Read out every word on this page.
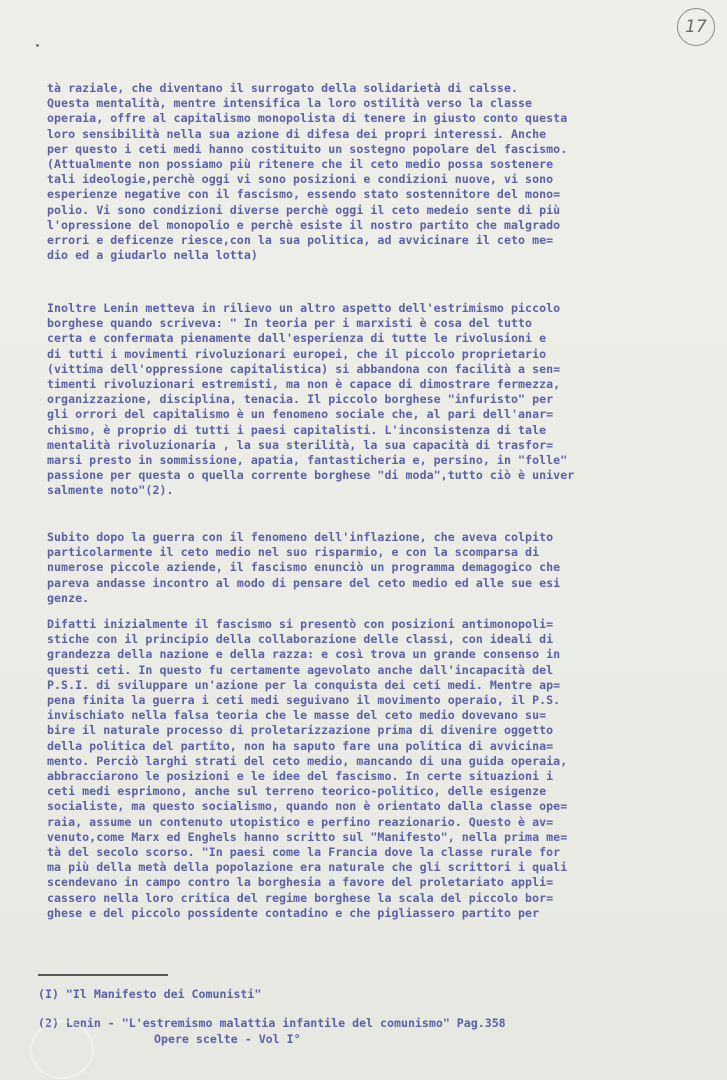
17
tà raziale, che diventano il surrogato della solidarietà di calsse.
Questa mentalità, mentre intensifica la loro ostilità verso la classe
operaia, offre al capitalismo monopolista di tenere in giusto conto questa
loro sensibilità nella sua azione di difesa dei propri interessi. Anche
per questo i ceti medi hanno costituito un sostegno popolare del fascismo.
(Attualmente non possiamo più ritenere che il ceto medio possa sostenere
tali ideologie,perchè oggi vi sono posizioni e condizioni nuove, vi sono
esperienze negative con il fascismo, essendo stato sostennitore del mono=
polio. Vi sono condizioni diverse perchè oggi il ceto medeio sente di più
l'opressione del monopolio e perchè esiste il nostro partito che malgrado
errori e deficenze riesce,con la sua politica, ad avvicinare il ceto me=
dio ed a giudarlo nella lotta)
Inoltre Lenin metteva in rilievo un altro aspetto dell'estrimismo piccolo
borghese quando scriveva: " In teoria per i marxisti è cosa del tutto
certa e confermata pienamente dall'esperienza di tutte le rivolusioni e
di tutti i movimenti rivoluzionari europei, che il piccolo proprietario
(vittima dell'oppressione capitalistica) si abbandona con facilità a sen=
timenti rivoluzionari estremisti, ma non è capace di dimostrare fermezza,
organizzazione, disciplina, tenacia. Il piccolo borghese "infuristo" per
gli orrori del capitalismo è un fenomeno sociale che, al pari dell'anar=
chismo, è proprio di tutti i paesi capitalisti. L'inconsistenza di tale
mentalità rivoluzionaria , la sua sterilità, la sua capacità di trasfor=
marsi presto in sommissione, apatia, fantasticheria e, persino, in "folle"
passione per questa o quella corrente borghese "di moda",tutto ciò è univer
salmente noto"(2).
Subito dopo la guerra con il fenomeno dell'inflazione, che aveva colpito
particolarmente il ceto medio nel suo risparmio, e con la scomparsa di
numerose piccole aziende, il fascismo enunciò un programma demagogico che
pareva andasse incontro al modo di pensare del ceto medio ed alle sue esi
genze.
Difatti inizialmente il fascismo si presentò con posizioni antimonopoli=
stiche con il principio della collaborazione delle classi, con ideali di
grandezza della nazione e della razza: e così trova un grande consenso in
questi ceti. In questo fu certamente agevolato anche dall'incapacità del
P.S.I. di sviluppare un'azione per la conquista dei ceti medi. Mentre ap=
pena finita la guerra i ceti medi seguivano il movimento operaio, il P.S.
invischiato nella falsa teoria che le masse del ceto medio dovevano su=
bire il naturale processo di proletarizzazione prima di divenire oggetto
della politica del partito, non ha saputo fare una politica di avvicina=
mento. Perciò larghi strati del ceto medio, mancando di una guida operaia,
abbracciarono le posizioni e le idee del fascismo. In certe situazioni i
ceti medi esprimono, anche sul terreno teorico-politico, delle esigenze
socialiste, ma questo socialismo, quando non è orientato dalla classe ope=
raia, assume un contenuto utopistico e perfino reazionario. Questo è av=
venuto,come Marx ed Enghels hanno scritto sul "Manifesto", nella prima me=
tà del secolo scorso. "In paesi come la Francia dove la classe rurale for
ma più della metà della popolazione era naturale che gli scrittori i quali
scendevano in campo contro la borghesia a favore del proletariato appli=
cassero nella loro critica del regime borghese la scala del piccolo bor=
ghese e del piccolo possidente contadino e che pigliassero partito per
(I) "Il Manifesto dei Comunisti"
(2) Lenin - "L'estremismo malattia infantile del comunismo" Pag.358
Opere scelte - Vol I°
